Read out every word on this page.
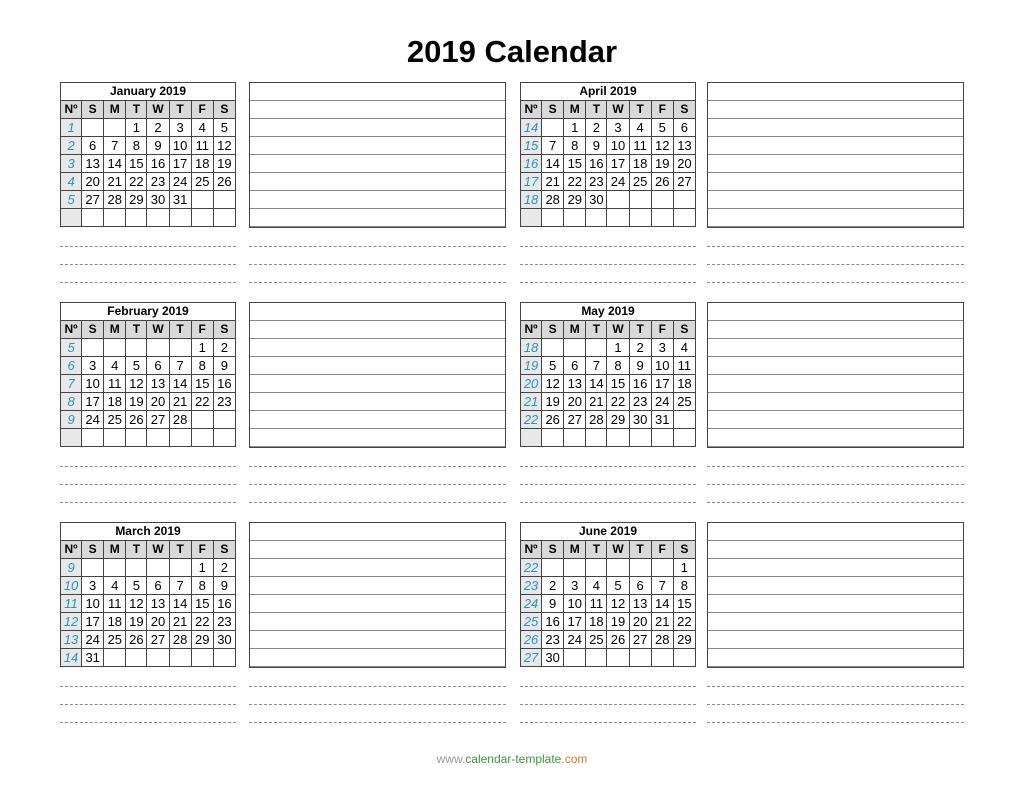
2019 Calendar
January 2019							
Nº	S	M	T	W	T	F	S
1			1	2	3	4	5
2	6	7	8	9	10	11	12
3	13	14	15	16	17	18	19
4	20	21	22	23	24	25	26
5	27	28	29	30	31		

February 2019							
Nº	S	M	T	W	T	F	S
5						1	2
6	3	4	5	6	7	8	9
7	10	11	12	13	14	15	16
8	17	18	19	20	21	22	23
9	24	25	26	27	28		

March 2019							
Nº	S	M	T	W	T	F	S
9						1	2
10	3	4	5	6	7	8	9
11	10	11	12	13	14	15	16
12	17	18	19	20	21	22	23
13	24	25	26	27	28	29	30
14	31						
April 2019							
Nº	S	M	T	W	T	F	S
14		1	2	3	4	5	6
15	7	8	9	10	11	12	13
16	14	15	16	17	18	19	20
17	21	22	23	24	25	26	27
18	28	29	30				

May 2019							
Nº	S	M	T	W	T	F	S
18				1	2	3	4
19	5	6	7	8	9	10	11
20	12	13	14	15	16	17	18
21	19	20	21	22	23	24	25
22	26	27	28	29	30	31	

June 2019							
Nº	S	M	T	W	T	F	S
22							1
23	2	3	4	5	6	7	8
24	9	10	11	12	13	14	15
25	16	17	18	19	20	21	22
26	23	24	25	26	27	28	29
27	30						
www.calendar-template.com
